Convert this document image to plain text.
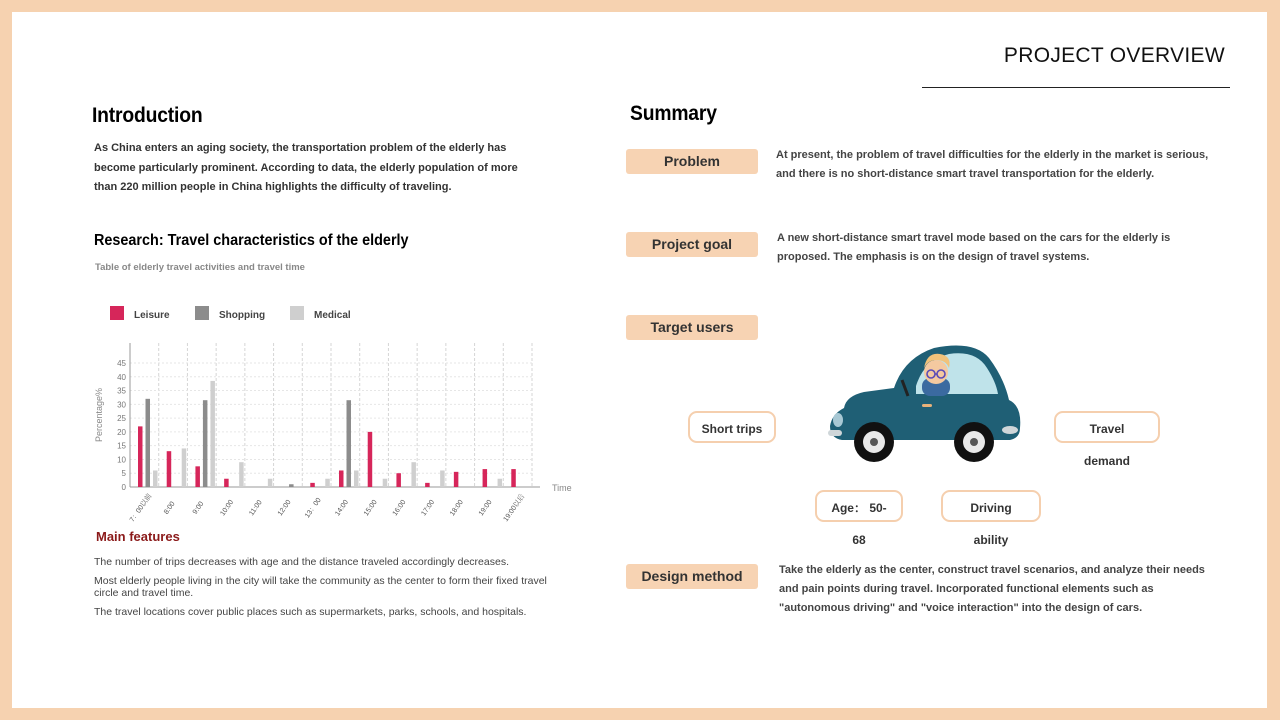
PROJECT OVERVIEW
Introduction
As China enters an aging society, the transportation problem of the elderly has become particularly prominent. According to data, the elderly population of more than 220 million people in China highlights the difficulty of traveling.
Research: Travel characteristics of the elderly
Table of elderly travel activities and travel time
Leisure	Shopping	Medical
0
5
10
15
20
25
30
35
40
45
Percentage%
Time
7：00以前 8:00 9:00 10:00 11:00 12:00 13：00 14:00 15:00 16:00 17:00 18:00 19:00 19:00以后
Main features

The number of trips decreases with age and the distance traveled accordingly decreases.

Most elderly people living in the city will take the community as the center to form their fixed travel circle and travel time.

The travel locations cover public places such as supermarkets, parks, schools, and hospitals.

Summary
Problem	At present, the problem of travel difficulties for the elderly in the market is serious, and there is no short-distance smart travel transportation for the elderly.
Project goal	A new short-distance smart travel mode based on the cars for the elderly is proposed. The emphasis is on the design of travel systems.
Target users
Short trips	Travel demand
Age： 50-68
Driving ability
Design method	Take the elderly as the center, construct travel scenarios, and analyze their needs and pain points during travel. Incorporated functional elements such as "autonomous driving" and "voice interaction" into the design of cars.
